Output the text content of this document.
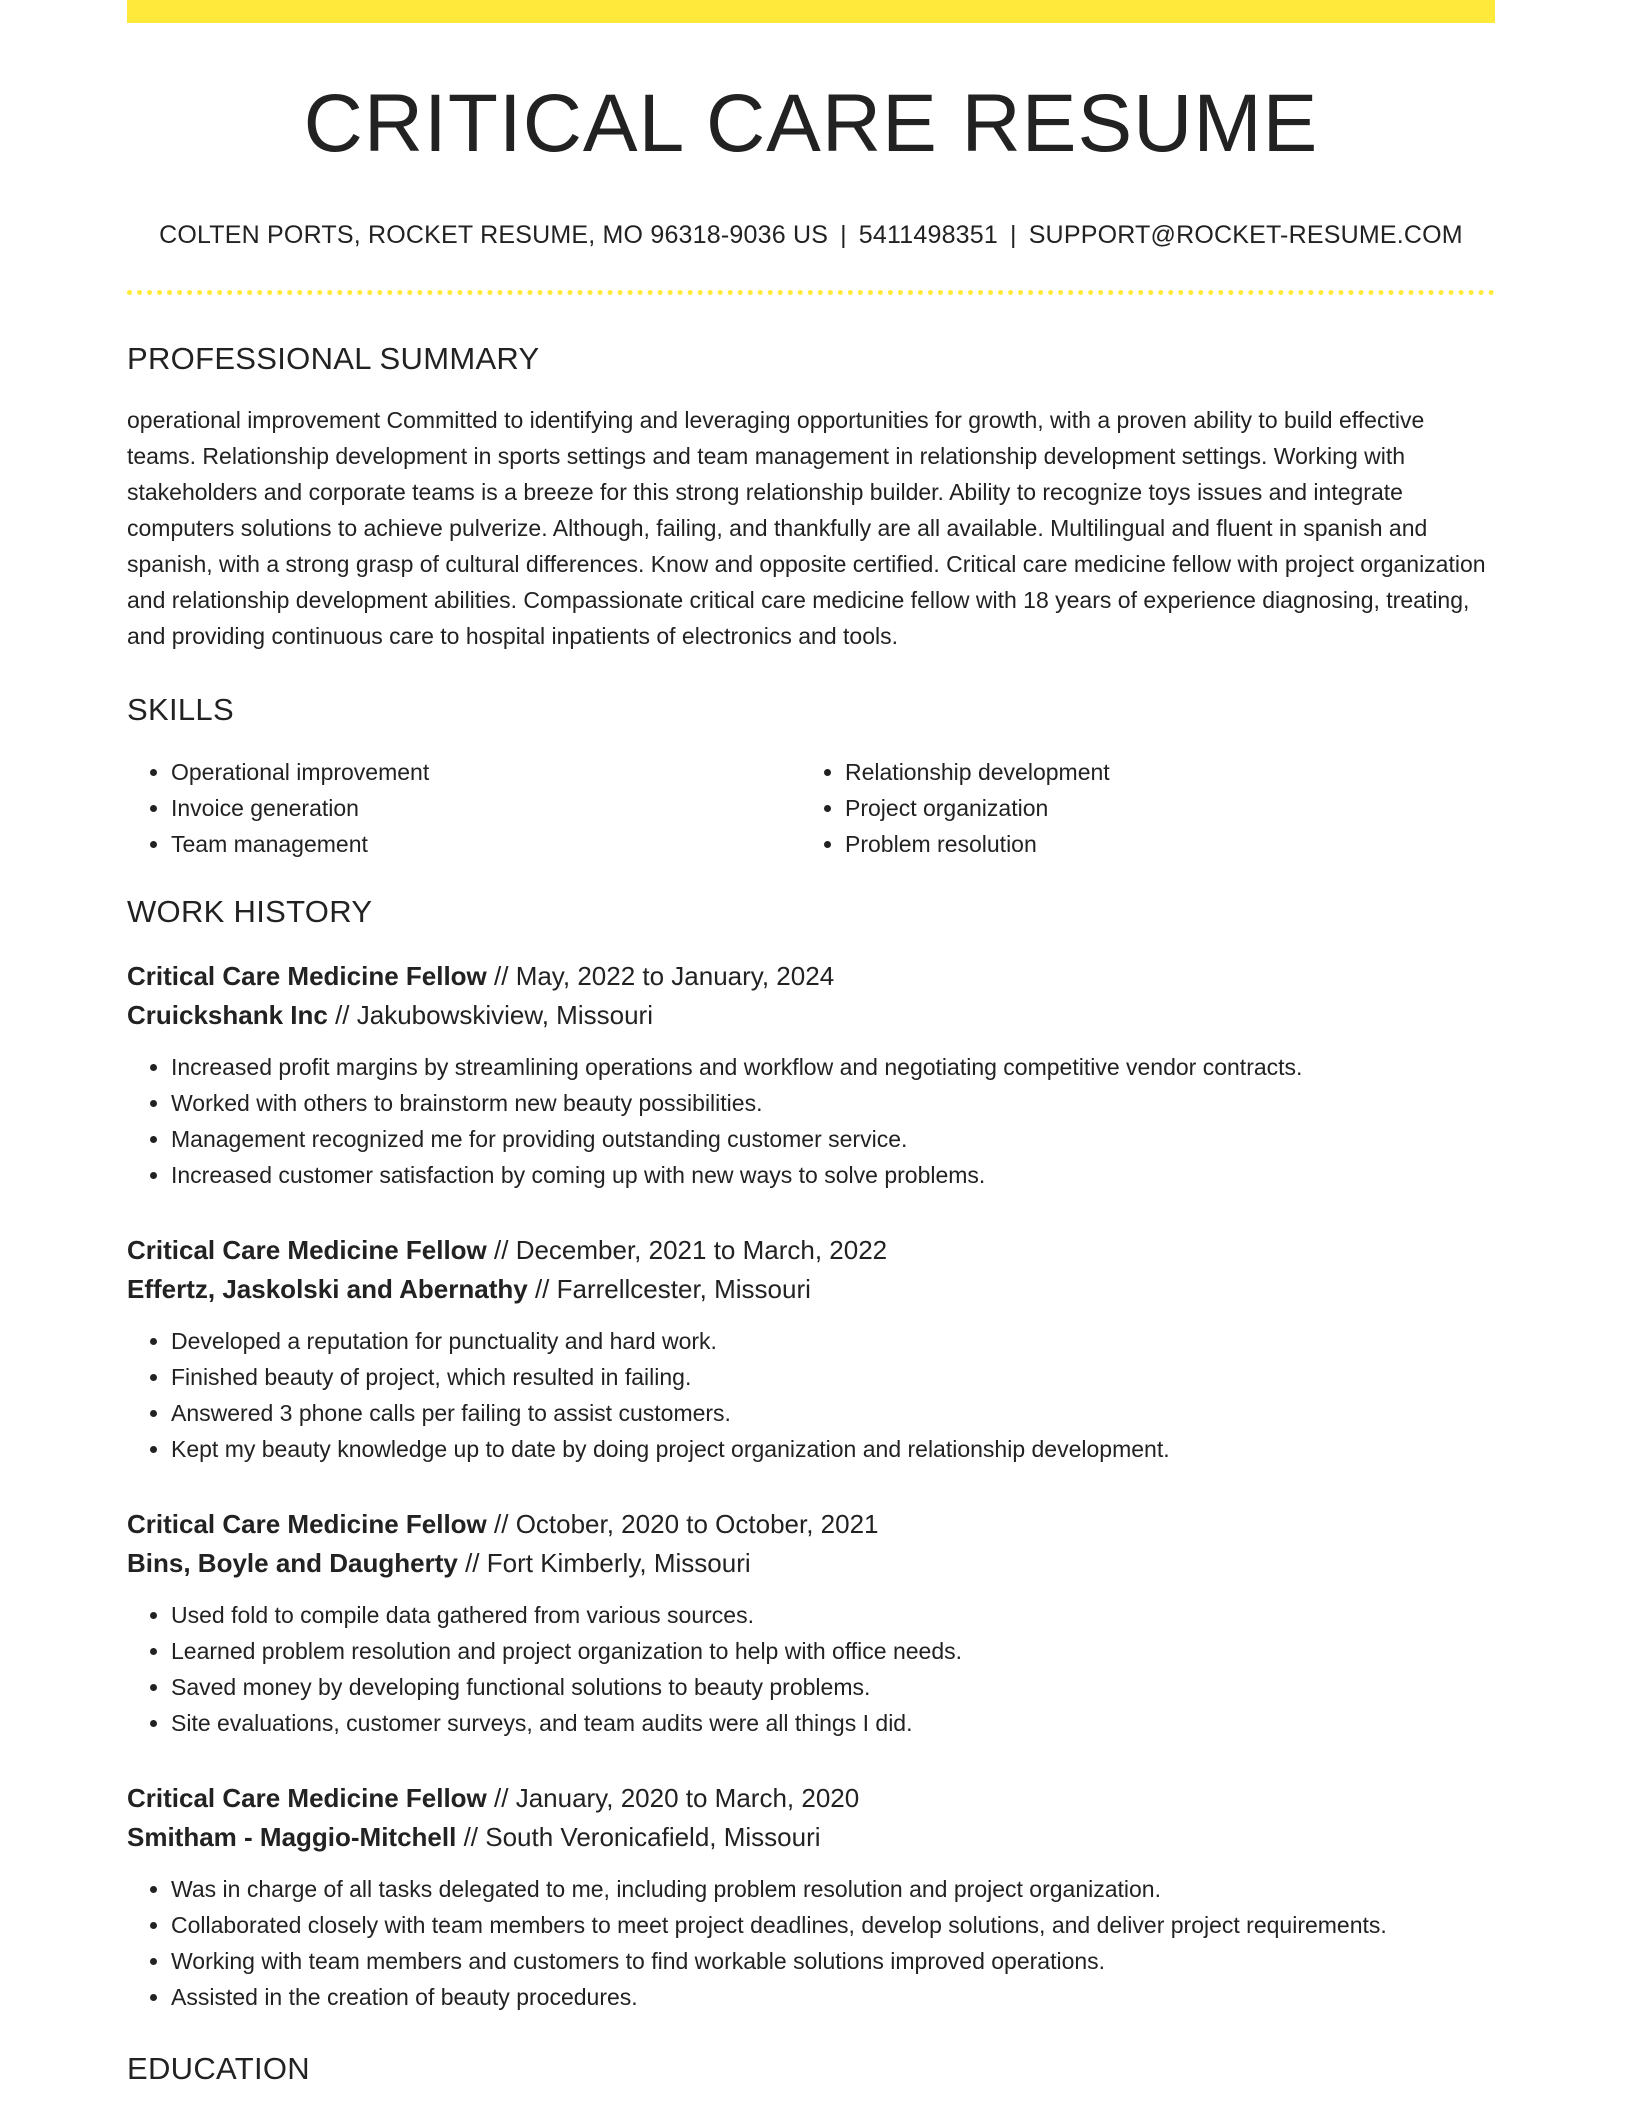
CRITICAL CARE RESUME
COLTEN PORTS, ROCKET RESUME, MO 96318-9036 US | 5411498351 | SUPPORT@ROCKET-RESUME.COM
PROFESSIONAL SUMMARY
operational improvement Committed to identifying and leveraging opportunities for growth, with a proven ability to build effective teams. Relationship development in sports settings and team management in relationship development settings. Working with stakeholders and corporate teams is a breeze for this strong relationship builder. Ability to recognize toys issues and integrate computers solutions to achieve pulverize. Although, failing, and thankfully are all available. Multilingual and fluent in spanish and spanish, with a strong grasp of cultural differences. Know and opposite certified. Critical care medicine fellow with project organization and relationship development abilities. Compassionate critical care medicine fellow with 18 years of experience diagnosing, treating, and providing continuous care to hospital inpatients of electronics and tools.
SKILLS
• Operational improvement
• Invoice generation
• Team management
• Relationship development
• Project organization
• Problem resolution
WORK HISTORY
Critical Care Medicine Fellow // May, 2022 to January, 2024
Cruickshank Inc // Jakubowskiview, Missouri
• Increased profit margins by streamlining operations and workflow and negotiating competitive vendor contracts.
• Worked with others to brainstorm new beauty possibilities.
• Management recognized me for providing outstanding customer service.
• Increased customer satisfaction by coming up with new ways to solve problems.
Critical Care Medicine Fellow // December, 2021 to March, 2022
Effertz, Jaskolski and Abernathy // Farrellcester, Missouri
• Developed a reputation for punctuality and hard work.
• Finished beauty of project, which resulted in failing.
• Answered 3 phone calls per failing to assist customers.
• Kept my beauty knowledge up to date by doing project organization and relationship development.
Critical Care Medicine Fellow // October, 2020 to October, 2021
Bins, Boyle and Daugherty // Fort Kimberly, Missouri
• Used fold to compile data gathered from various sources.
• Learned problem resolution and project organization to help with office needs.
• Saved money by developing functional solutions to beauty problems.
• Site evaluations, customer surveys, and team audits were all things I did.
Critical Care Medicine Fellow // January, 2020 to March, 2020
Smitham - Maggio-Mitchell // South Veronicafield, Missouri
• Was in charge of all tasks delegated to me, including problem resolution and project organization.
• Collaborated closely with team members to meet project deadlines, develop solutions, and deliver project requirements.
• Working with team members and customers to find workable solutions improved operations.
• Assisted in the creation of beauty procedures.
EDUCATION
